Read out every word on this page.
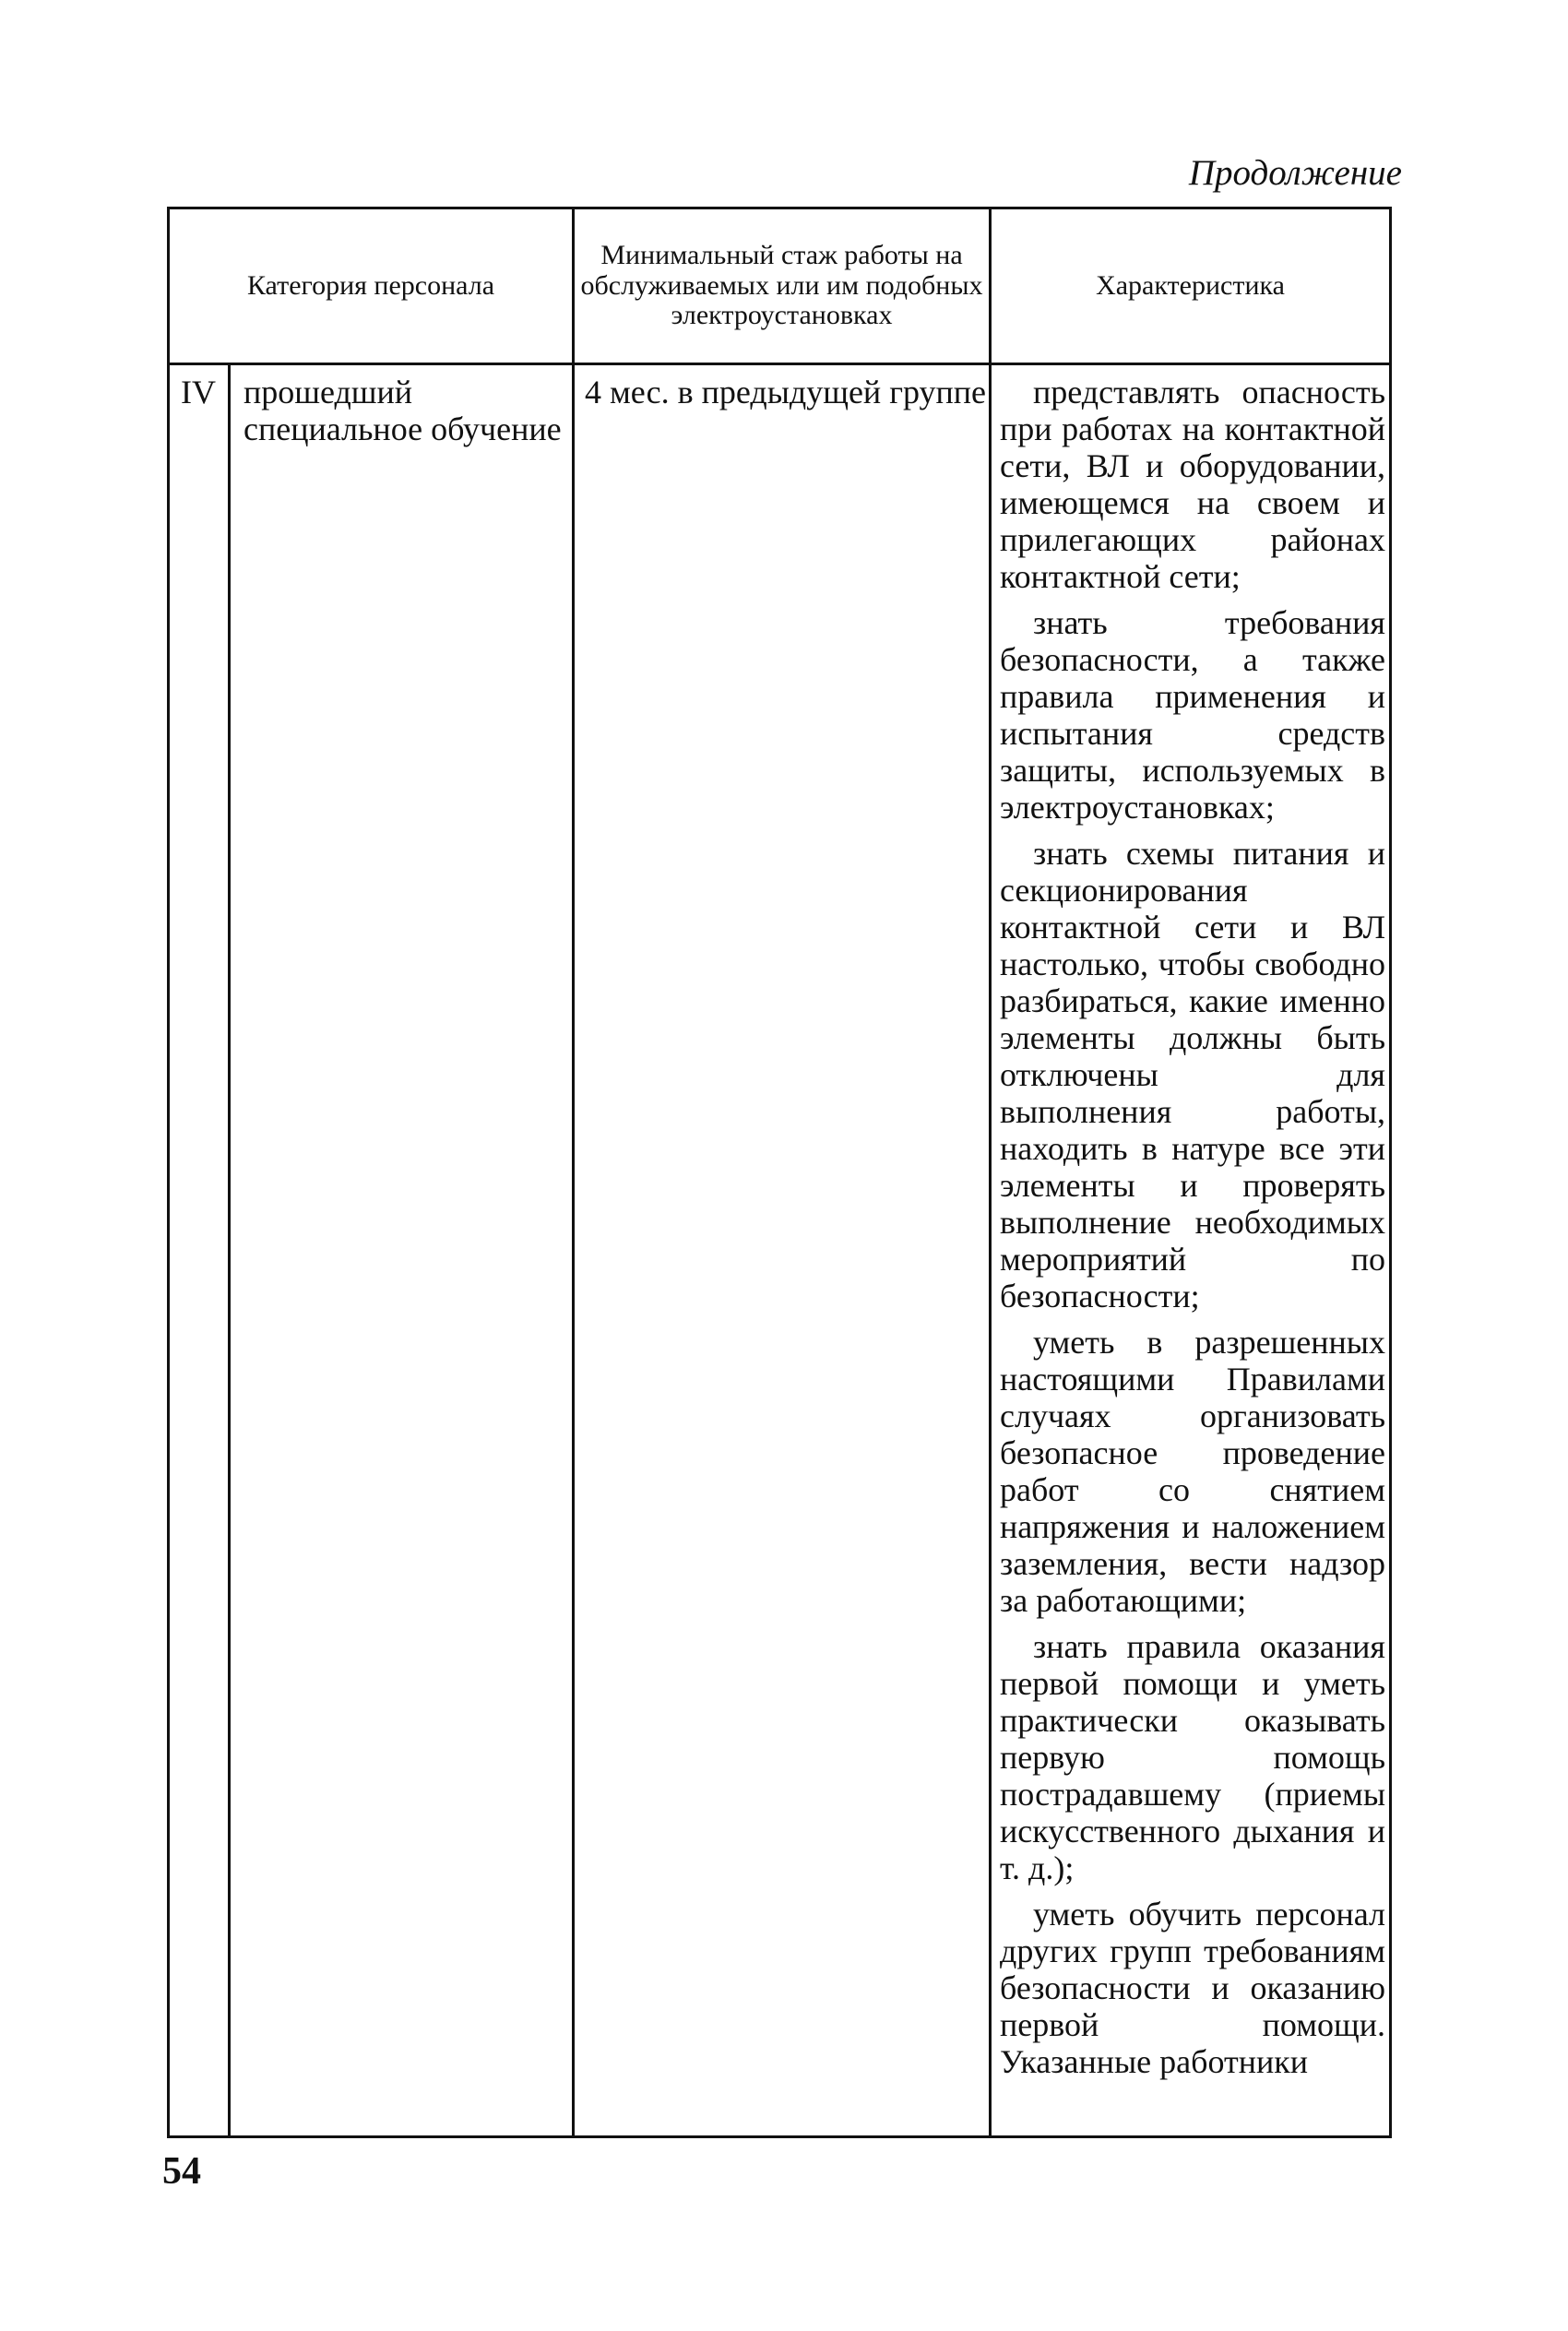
Продолжение
Категория персонала
Минимальный стаж работы на обслуживаемых или им подобных электроустановках
Характеристика
IV прошедший специальное обучение
4 мес. в предыдущей группе	представлять опасность при работах на контактной сети, ВЛ и оборудовании, имеющемся на своем и прилегающих районах контактной сети;

знать требования безопасности, а также правила применения и испытания средств защиты, используемых в электроустановках;

знать схемы питания и секционирования контактной сети и ВЛ настолько, чтобы свободно разбираться, какие именно элементы должны быть отключены для выполнения работы, находить в натуре все эти элементы и проверять выполнение необходимых мероприятий по безопасности;

уметь в разрешенных настоящими Правилами случаях организовать безопасное проведение работ со снятием напряжения и наложением заземления, вести надзор за работающими;

знать правила оказания первой помощи и уметь практически оказывать первую помощь пострадавшему (приемы искусственного дыхания и т. д.);

уметь обучить персонал других групп требованиям безопасности и оказанию первой помощи. Указанные работники

54
